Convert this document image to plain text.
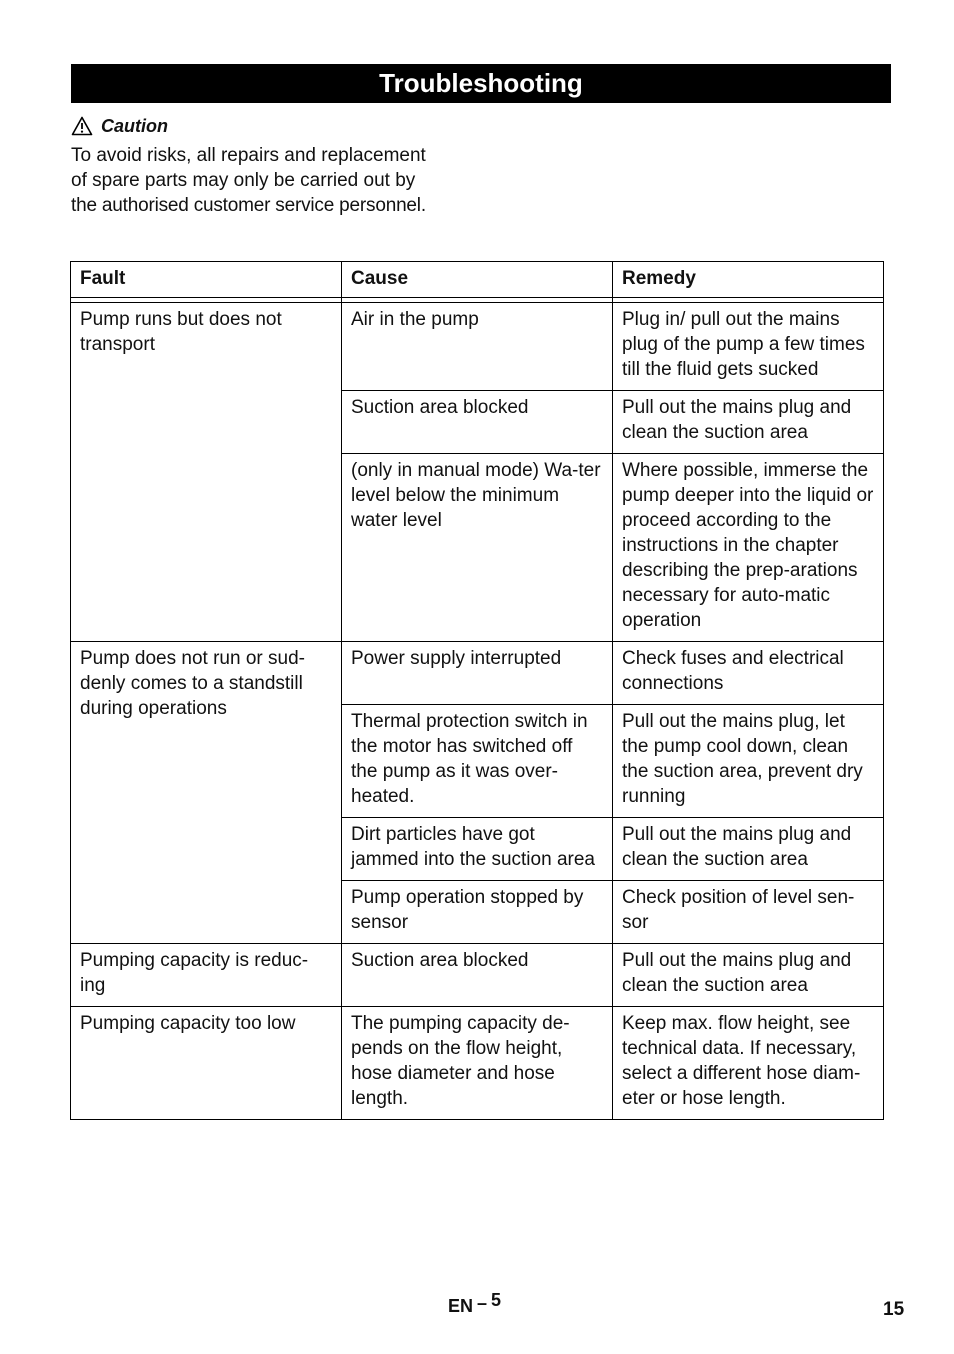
Troubleshooting
Caution
To avoid risks, all repairs and replacement
of spare parts may only be carried out by
the authorised customer service personnel.
Fault	Cause	Remedy

Pump runs but does not transport	Air in the pump	Plug in/ pull out the mains plug of the pump a few times till the fluid gets sucked
	Suction area blocked	Pull out the mains plug and clean the suction area
	(only in manual mode) Wa-ter level below the minimum water level	Where possible, immerse the pump deeper into the liquid or proceed according to the instructions in the chapter describing the prep-arations necessary for auto-matic operation
Pump does not run or sud-denly comes to a standstill during operations	Power supply interrupted	Check fuses and electrical connections
	Thermal protection switch in the motor has switched off the pump as it was over-heated.	Pull out the mains plug, let the pump cool down, clean the suction area, prevent dry running
	Dirt particles have got jammed into the suction area	Pull out the mains plug and clean the suction area
	Pump operation stopped by sensor	Check position of level sen-sor
Pumping capacity is reduc-ing	Suction area blocked	Pull out the mains plug and clean the suction area
Pumping capacity too low	The pumping capacity de-pends on the flow height, hose diameter and hose length.	Keep max. flow height, see technical data. If necessary, select a different hose diam-eter or hose length.
EN – 5	15
